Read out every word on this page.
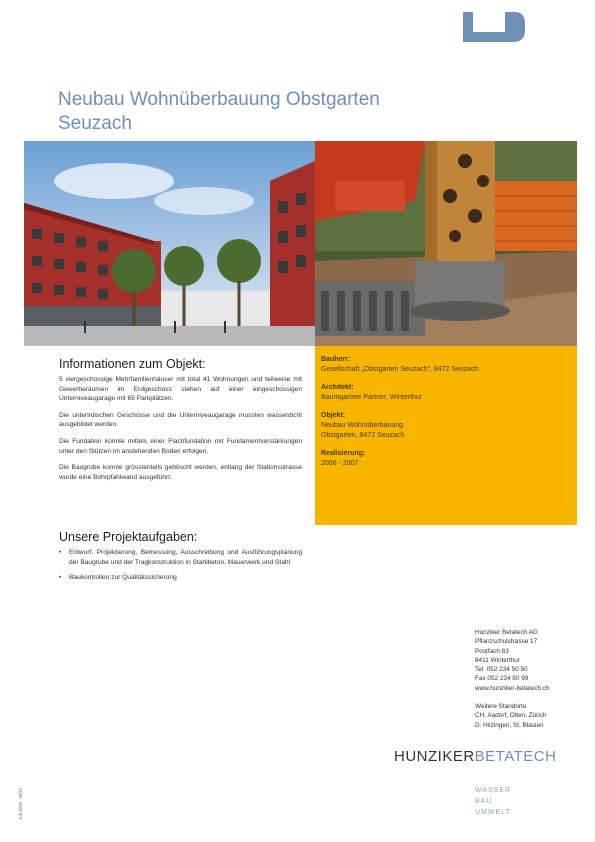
Neubau Wohnüberbauung Obstgarten
Seuzach
Bauherr:
Gesellschaft „Obstgarten Seuzach“, 8472 Seuzach
Architekt:
Baumgartner Partner, Winterthur
Objekt:
Neubau Wohnüberbauung
Obstgarten, 8472 Seuzach
Realisierung:
2006 - 2007
Informationen zum Objekt:

5 viergeschossige Mehrfamilienhäuser mit total 41 Wohnungen und teilweise mit Gewerberäumen im Erdgeschoss stehen auf einer eingeschossigen Unterniveaugarage mit 65 Parkplätzen.

Die unterirdischen Geschosse und die Unterniveaugarage mussten wasserdicht ausgebildet werden.

Die Fundation konnte mittels einer Flachfundation mit Fundamentverstärkungen unter den Stützen im anstehenden Boden erfolgen.

Die Baugrube konnte grösstenteils geböscht werden, entlang der Stationsstrasse wurde eine Bohrpfahlwand ausgeführt.

Unsere Projektaufgaben:
• Entwurf, Projektierung, Bemessung, Ausschreibung und Ausführungsplanung der Baugrube und der Tragkonstruktion in Stahlbeton, Mauerwerk und Stahl
• Baukontrollen zur Qualitätssicherung
Hunziker Betatech AG
Pflanzschulstrasse 17
Postfach 83
8411 Winterthur
Tel. 052 234 50 50
Fax 052 234 50 99
www.hunziker-betatech.ch
Weitere Standorte
CH: Aadorf, Olten, Zürich
D: Hilzingen, St. Blasien
HUNZIKERBETATECH
WASSER
BAU
UMWELT
Juli 2010 · 0617
